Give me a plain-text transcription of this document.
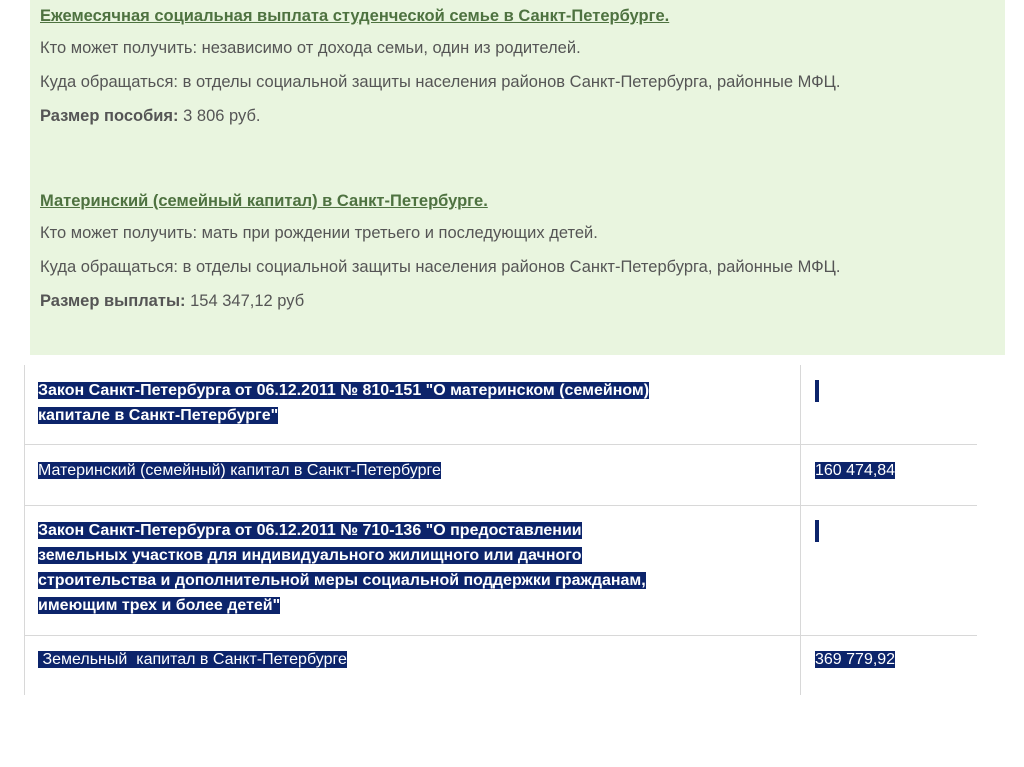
Ежемесячная социальная выплата студенческой семье в Санкт-Петербурге.
Кто может получить: независимо от дохода семьи, один из родителей.
Куда обращаться: в отделы социальной защиты населения районов Санкт-Петербурга, районные МФЦ.
Размер пособия: 3 806 руб.
Материнский (семейный капитал) в Санкт-Петербурге.
Кто может получить: мать при рождении третьего и последующих детей.
Куда обращаться: в отделы социальной защиты населения районов Санкт-Петербурга, районные МФЦ.
Размер выплаты: 154 347,12 руб
Закон Санкт-Петербурга от 06.12.2011 № 810-151 "О материнском (семейном)
капитале в Санкт-Петербурге"
Материнский (семейный) капитал в Санкт-Петербурге	160 474,84
Закон Санкт-Петербурга от 06.12.2011 № 710-136 "О предоставлении
земельных участков для индивидуального жилищного или дачного
строительства и дополнительной меры социальной поддержки гражданам,
имеющим трех и более детей"
Земельный  капитал в Санкт-Петербурге	369 779,92
